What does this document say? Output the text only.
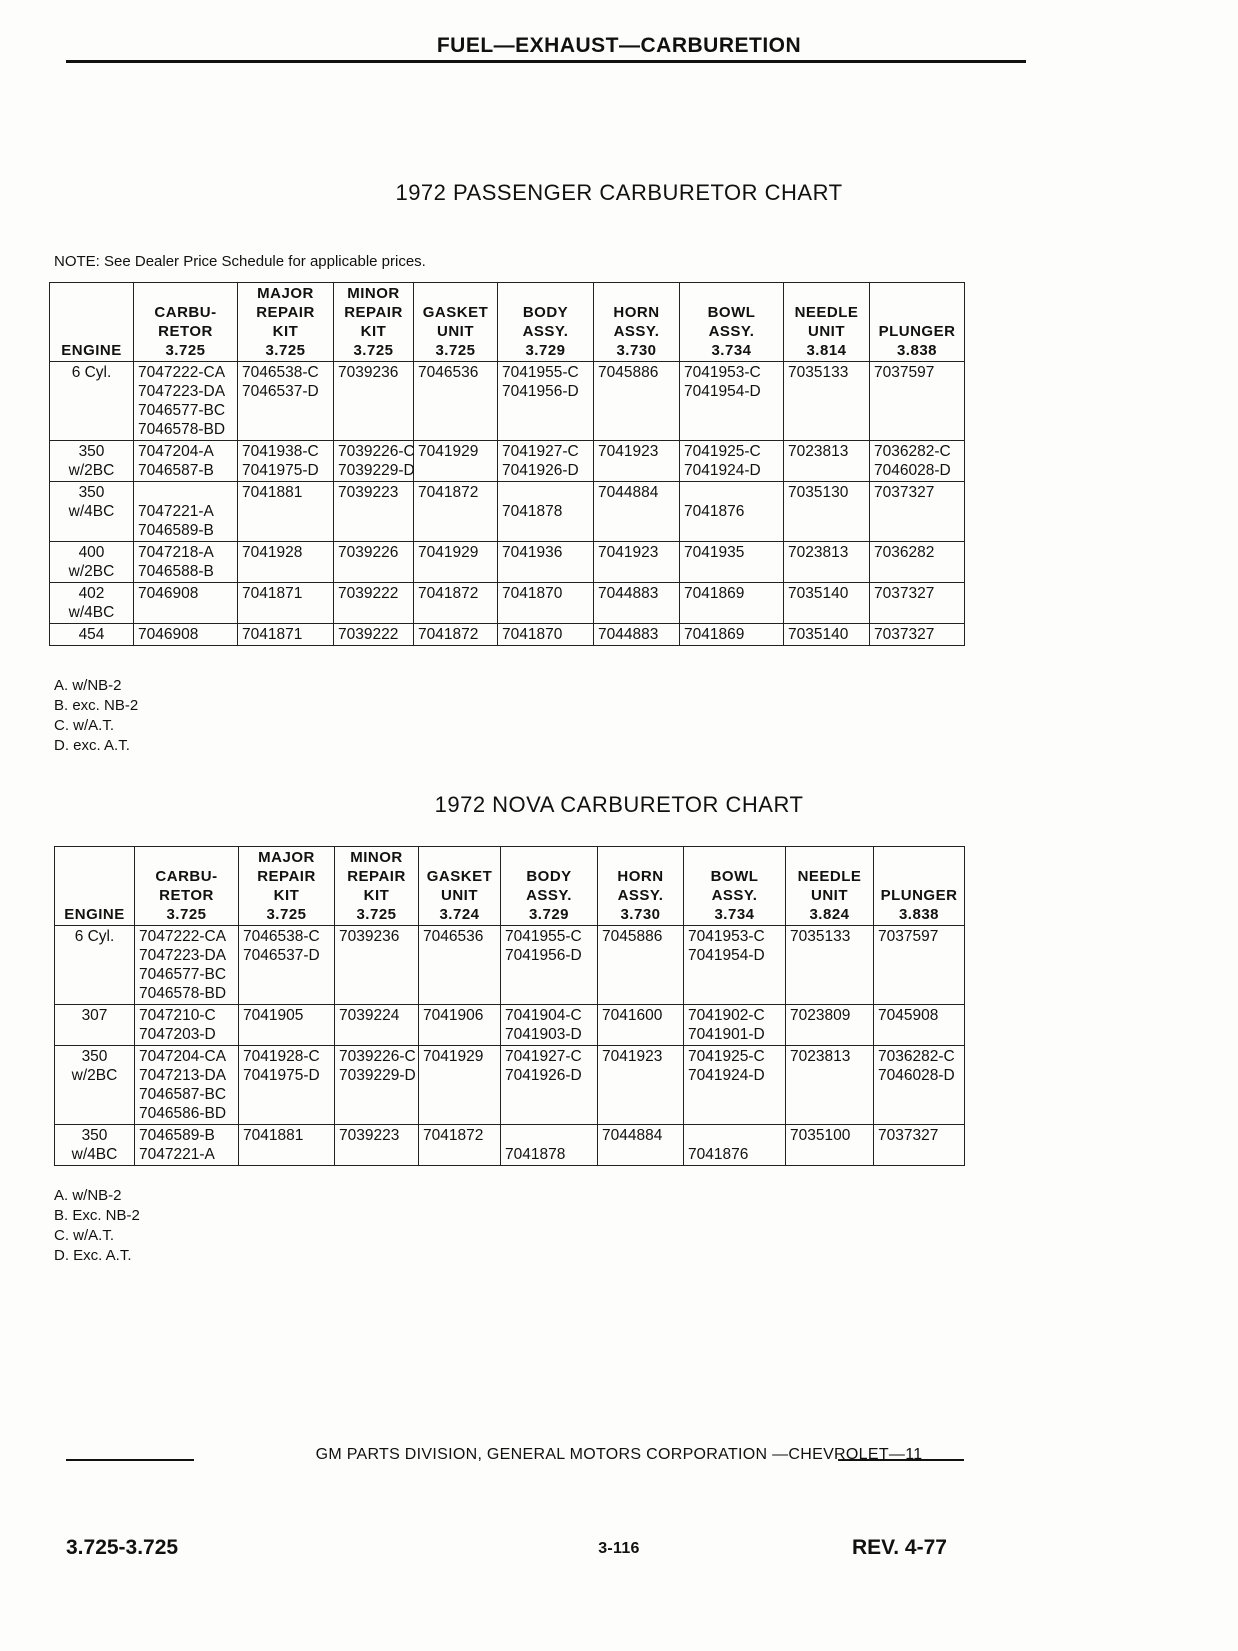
FUEL—EXHAUST—CARBURETION
1972 PASSENGER CARBURETOR CHART
NOTE: See Dealer Price Schedule for applicable prices.

ENGINE	CARBU-
RETOR
3.725	MAJOR
REPAIR
KIT
3.725	MINOR
REPAIR
KIT
3.725	GASKET
UNIT
3.725	BODY
ASSY.
3.729	HORN
ASSY.
3.730	BOWL
ASSY.
3.734	NEEDLE
UNIT
3.814	PLUNGER
3.838

6 Cyl.	7047222-CA
7047223-DA
7046577-BC
7046578-BD	7046538-C
7046537-D	7039236	7046536	7041955-C
7041956-D	7045886	7041953-C
7041954-D	7035133	7037597

350
w/2BC	7047204-A
7046587-B	7041938-C
7041975-D	7039226-C
7039229-D	7041929	7041927-C
7041926-D	7041923	7041925-C
7041924-D	7023813	7036282-C
7046028-D

350
w/4BC	7047221-A
7046589-B	7041881	7039223	7041872	7041878	7044884	7041876	7035130	7037327

400
w/2BC	7047218-A
7046588-B	7041928	7039226	7041929	7041936	7041923	7041935	7023813	7036282

402
w/4BC	7046908	7041871	7039222	7041872	7041870	7044883	7041869	7035140	7037327

454	7046908	7041871	7039222	7041872	7041870	7044883	7041869	7035140	7037327
A. w/NB-2
B. exc. NB-2
C. w/A.T.
D. exc. A.T.
1972 NOVA CARBURETOR CHART

ENGINE	CARBU-
RETOR
3.725	MAJOR
REPAIR
KIT
3.725	MINOR
REPAIR
KIT
3.725	GASKET
UNIT
3.724	BODY
ASSY.
3.729	HORN
ASSY.
3.730	BOWL
ASSY.
3.734	NEEDLE
UNIT
3.824	PLUNGER
3.838

6 Cyl.	7047222-CA
7047223-DA
7046577-BC
7046578-BD	7046538-C
7046537-D	7039236	7046536	7041955-C
7041956-D	7045886	7041953-C
7041954-D	7035133	7037597

307	7047210-C
7047203-D	7041905	7039224	7041906	7041904-C
7041903-D	7041600	7041902-C
7041901-D	7023809	7045908

350
w/2BC	7047204-CA
7047213-DA
7046587-BC
7046586-BD	7041928-C
7041975-D	7039226-C
7039229-D	7041929	7041927-C
7041926-D	7041923	7041925-C
7041924-D	7023813	7036282-C
7046028-D

350
w/4BC	7046589-B
7047221-A	7041881	7039223	7041872	7041878	7044884	7041876	7035100	7037327
A. w/NB-2
B. Exc. NB-2
C. w/A.T.
D. Exc. A.T.
GM PARTS DIVISION, GENERAL MOTORS CORPORATION —CHEVROLET—11
3.725-3.725	3-116	REV. 4-77
